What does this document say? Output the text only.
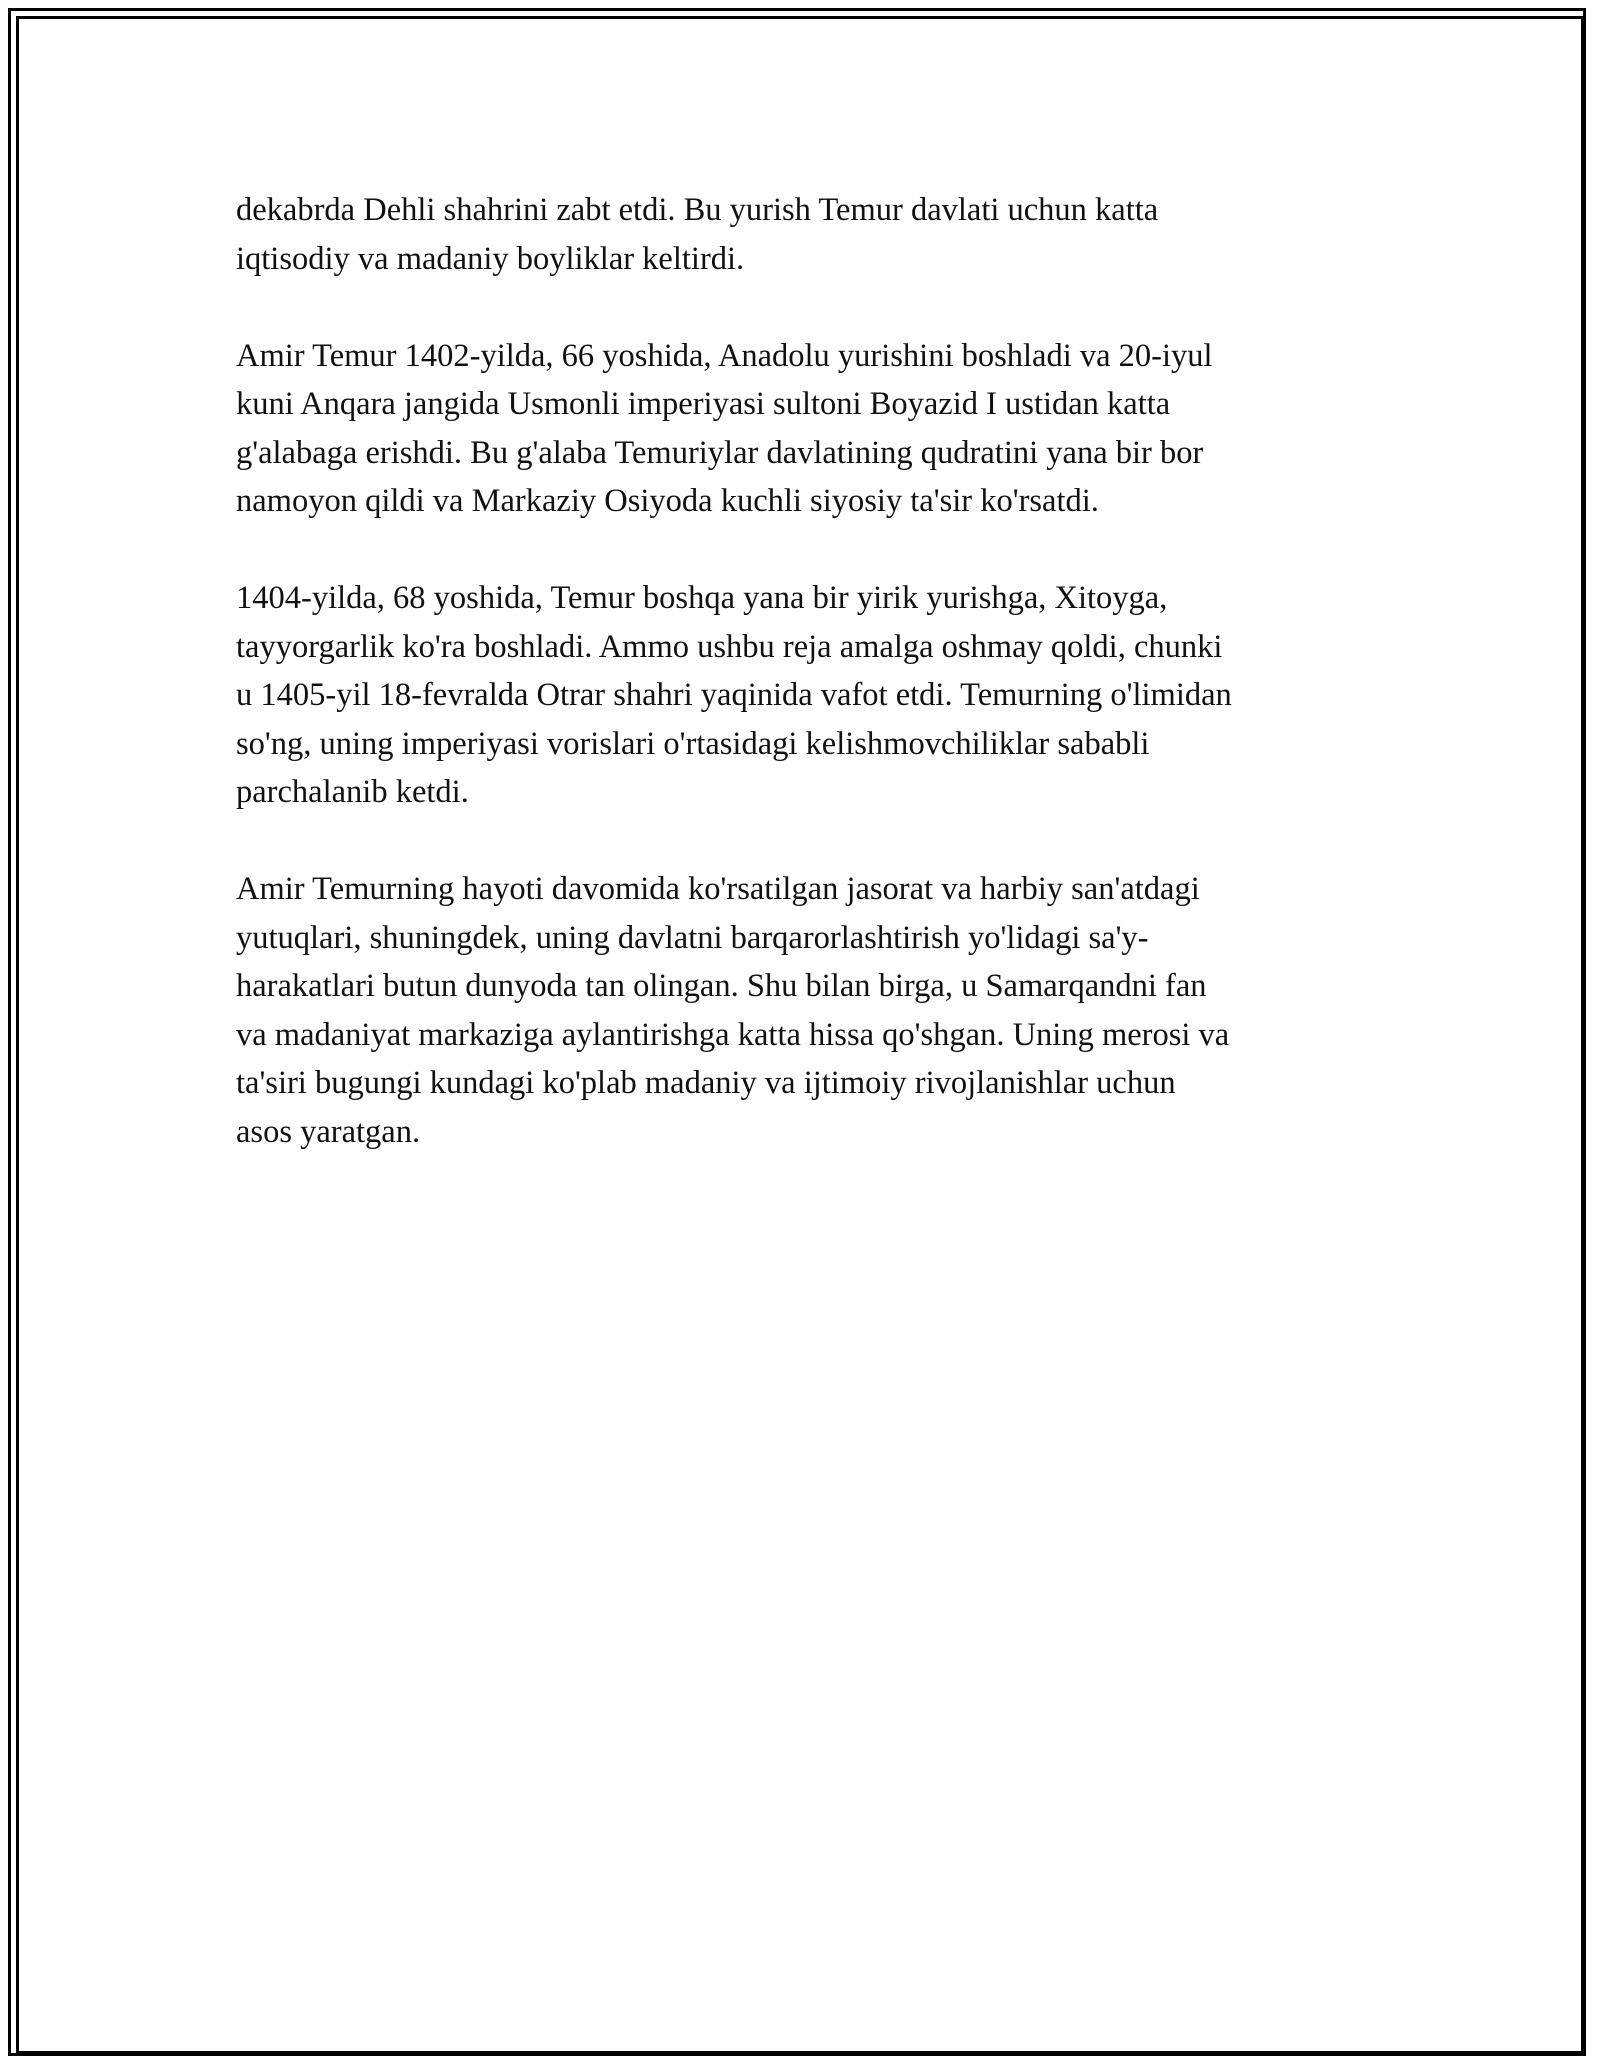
dekabrda Dehli shahrini zabt etdi. Bu yurish Temur davlati uchun katta
iqtisodiy va madaniy boyliklar keltirdi.

Amir Temur 1402-yilda, 66 yoshida, Anadolu yurishini boshladi va 20-iyul
kuni Anqara jangida Usmonli imperiyasi sultoni Boyazid I ustidan katta
g'alabaga erishdi. Bu g'alaba Temuriylar davlatining qudratini yana bir bor
namoyon qildi va Markaziy Osiyoda kuchli siyosiy ta'sir ko'rsatdi.

1404-yilda, 68 yoshida, Temur boshqa yana bir yirik yurishga, Xitoyga,
tayyorgarlik ko'ra boshladi. Ammo ushbu reja amalga oshmay qoldi, chunki
u 1405-yil 18-fevralda Otrar shahri yaqinida vafot etdi. Temurning o'limidan
so'ng, uning imperiyasi vorislari o'rtasidagi kelishmovchiliklar sababli
parchalanib ketdi.

Amir Temurning hayoti davomida ko'rsatilgan jasorat va harbiy san'atdagi
yutuqlari, shuningdek, uning davlatni barqarorlashtirish yo'lidagi sa'y-
harakatlari butun dunyoda tan olingan. Shu bilan birga, u Samarqandni fan
va madaniyat markaziga aylantirishga katta hissa qo'shgan. Uning merosi va
ta'siri bugungi kundagi ko'plab madaniy va ijtimoiy rivojlanishlar uchun
asos yaratgan.
